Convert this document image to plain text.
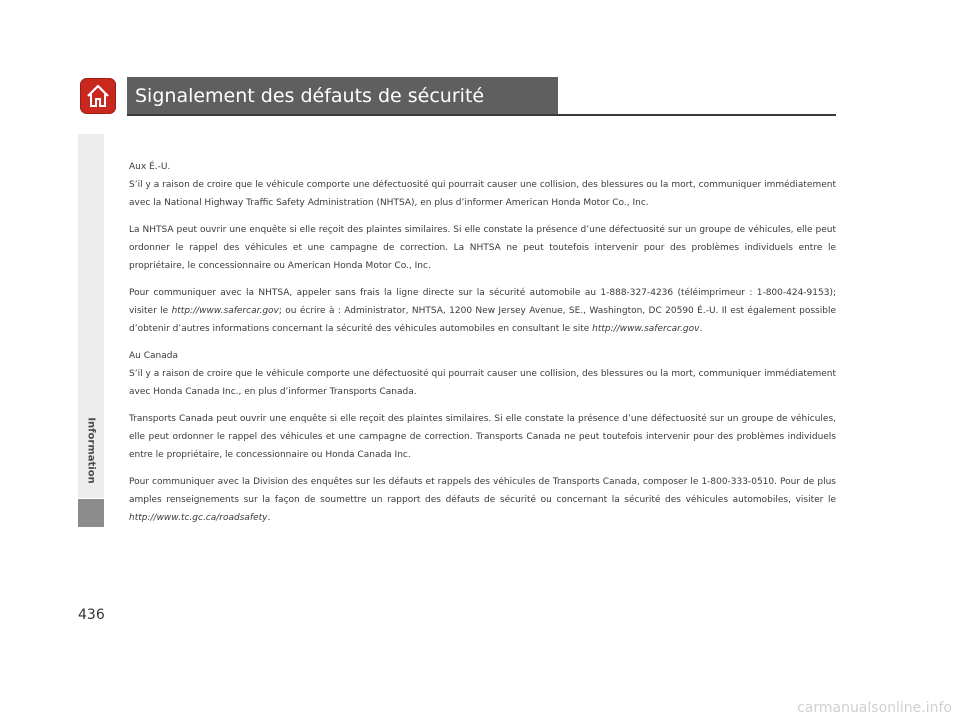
Signalement des défauts de sécurité
Information
436

Aux É.-U.

S’il y a raison de croire que le véhicule comporte une défectuosité qui pourrait causer une collision, des blessures ou la mort, communiquer immédiatement avec la National Highway Traffic Safety Administration (NHTSA), en plus d’informer American Honda Motor Co., Inc.

La NHTSA peut ouvrir une enquête si elle reçoit des plaintes similaires. Si elle constate la présence d’une défectuosité sur un groupe de véhicules, elle peut ordonner le rappel des véhicules et une campagne de correction. La NHTSA ne peut toutefois intervenir pour des problèmes individuels entre le propriétaire, le concessionnaire ou American Honda Motor Co., Inc.

Pour communiquer avec la NHTSA, appeler sans frais la ligne directe sur la sécurité automobile au 1-888-327-4236 (téléimprimeur : 1-800-424-9153); visiter le http://www.safercar.gov; ou écrire à : Administrator, NHTSA, 1200 New Jersey Avenue, SE., Washington, DC 20590 É.-U. Il est également possible d’obtenir d’autres informations concernant la sécurité des véhicules automobiles en consultant le site http://www.safercar.gov.

Au Canada

S’il y a raison de croire que le véhicule comporte une défectuosité qui pourrait causer une collision, des blessures ou la mort, communiquer immédiatement avec Honda Canada Inc., en plus d’informer Transports Canada.

Transports Canada peut ouvrir une enquête si elle reçoit des plaintes similaires. Si elle constate la présence d’une défectuosité sur un groupe de véhicules, elle peut ordonner le rappel des véhicules et une campagne de correction. Transports Canada ne peut toutefois intervenir pour des problèmes individuels entre le propriétaire, le concessionnaire ou Honda Canada Inc.

Pour communiquer avec la Division des enquêtes sur les défauts et rappels des véhicules de Transports Canada, composer le 1-800-333-0510. Pour de plus amples renseignements sur la façon de soumettre un rapport des défauts de sécurité ou concernant la sécurité des véhicules automobiles, visiter le http://www.tc.gc.ca/roadsafety.

carmanualsonline.info
